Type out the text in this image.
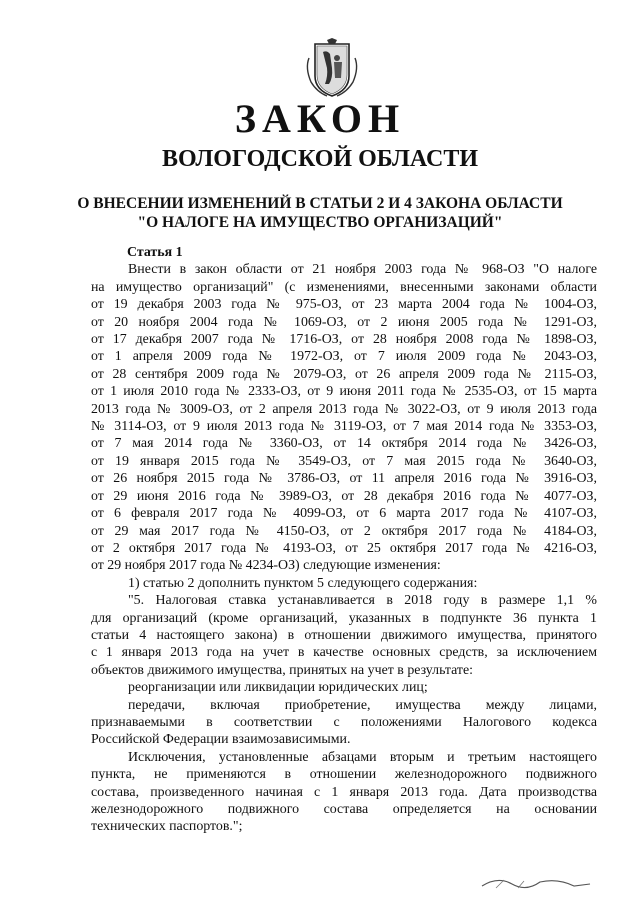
ЗАКОН
ВОЛОГОДСКОЙ ОБЛАСТИ
О ВНЕСЕНИИ ИЗМЕНЕНИЙ В СТАТЬИ 2 И 4 ЗАКОНА ОБЛАСТИ
"О НАЛОГЕ НА ИМУЩЕСТВО ОРГАНИЗАЦИЙ"

Статья 1

Внести в закон области от 21 ноября 2003 года № 968-ОЗ "О налоге
на имущество организаций" (с изменениями, внесенными законами области
от 19 декабря 2003 года № 975-ОЗ, от 23 марта 2004 года № 1004-ОЗ,
от 20 ноября 2004 года № 1069-ОЗ, от 2 июня 2005 года № 1291-ОЗ,
от 17 декабря 2007 года № 1716-ОЗ, от 28 ноября 2008 года № 1898-ОЗ,
от 1 апреля 2009 года № 1972-ОЗ, от 7 июля 2009 года № 2043-ОЗ,
от 28 сентября 2009 года № 2079-ОЗ, от 26 апреля 2009 года № 2115-ОЗ,
от 1 июля 2010 года № 2333-ОЗ, от 9 июня 2011 года № 2535-ОЗ, от 15 марта
2013 года № 3009-ОЗ, от 2 апреля 2013 года № 3022-ОЗ, от 9 июля 2013 года
№ 3114-ОЗ, от 9 июля 2013 года № 3119-ОЗ, от 7 мая 2014 года № 3353-ОЗ,
от 7 мая 2014 года № 3360-ОЗ, от 14 октября 2014 года № 3426-ОЗ,
от 19 января 2015 года № 3549-ОЗ, от 7 мая 2015 года № 3640-ОЗ,
от 26 ноября 2015 года № 3786-ОЗ, от 11 апреля 2016 года № 3916-ОЗ,
от 29 июня 2016 года № 3989-ОЗ, от 28 декабря 2016 года № 4077-ОЗ,
от 6 февраля 2017 года № 4099-ОЗ, от 6 марта 2017 года № 4107-ОЗ,
от 29 мая 2017 года № 4150-ОЗ, от 2 октября 2017 года № 4184-ОЗ,
от 2 октября 2017 года № 4193-ОЗ, от 25 октября 2017 года № 4216-ОЗ,
от 29 ноября 2017 года № 4234-ОЗ) следующие изменения:

1) статью 2 дополнить пунктом 5 следующего содержания:

"5. Налоговая ставка устанавливается в 2018 году в размере 1,1 %
для организаций (кроме организаций, указанных в подпункте 36 пункта 1
статьи 4 настоящего закона) в отношении движимого имущества, принятого
с 1 января 2013 года на учет в качестве основных средств, за исключением
объектов движимого имущества, принятых на учет в результате:

реорганизации или ликвидации юридических лиц;

передачи, включая приобретение, имущества между лицами,
признаваемыми в соответствии с положениями Налогового кодекса
Российской Федерации взаимозависимыми.

Исключения, установленные абзацами вторым и третьим настоящего
пункта, не применяются в отношении железнодорожного подвижного
состава, произведенного начиная с 1 января 2013 года. Дата производства
железнодорожного подвижного состава определяется на основании
технических паспортов.";
